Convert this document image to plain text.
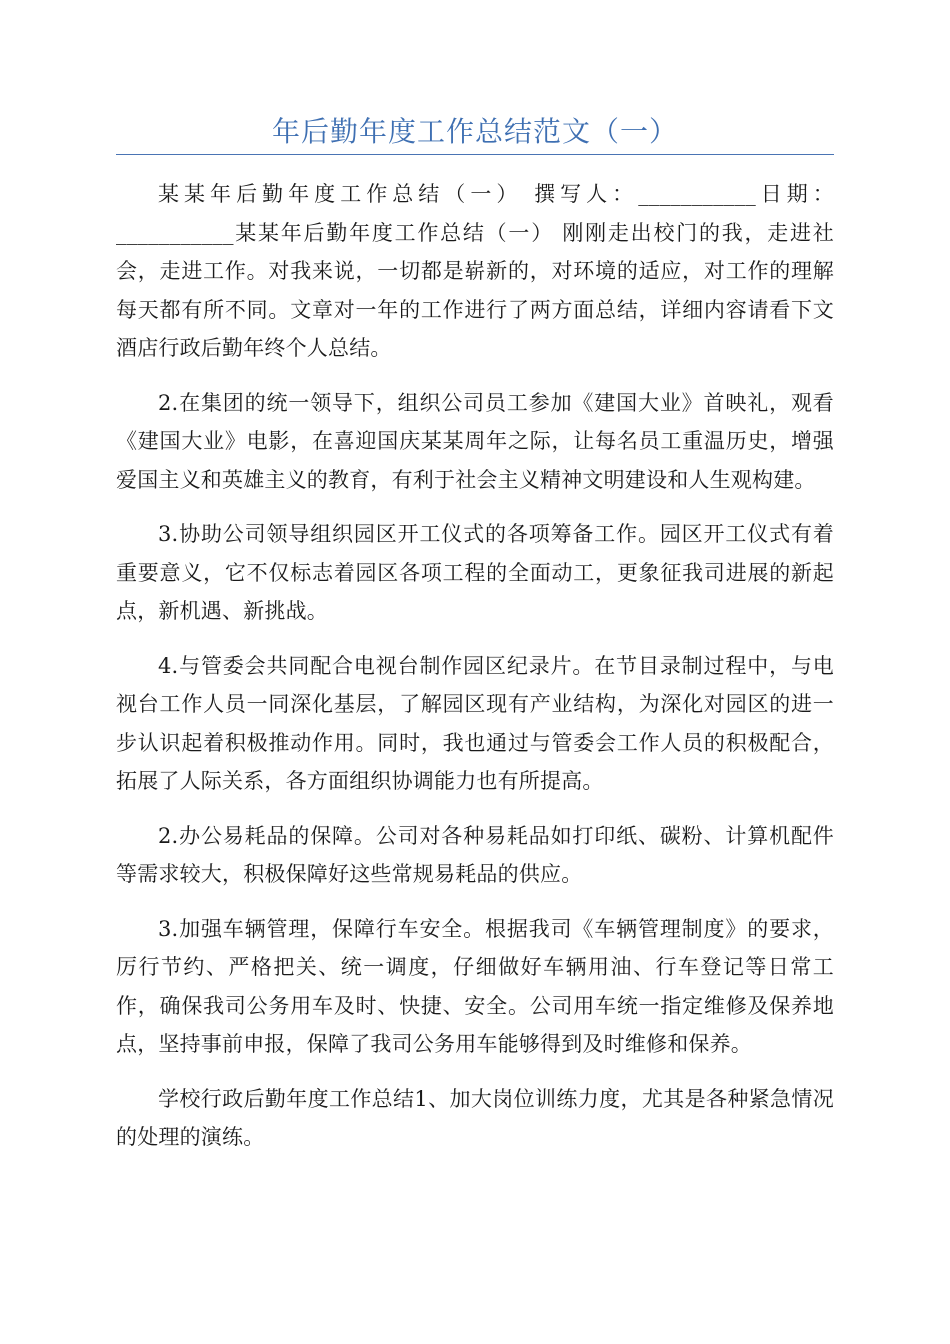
年后勤年度工作总结范文（一）

某某年后勤年度工作总结（一） 撰写人：___________日期：___________某某年后勤年度工作总结（一） 刚刚走出校门的我，走进社会，走进工作。对我来说，一切都是崭新的，对环境的适应，对工作的理解每天都有所不同。文章对一年的工作进行了两方面总结，详细内容请看下文酒店行政后勤年终个人总结。

2.在集团的统一领导下，组织公司员工参加《建国大业》首映礼，观看《建国大业》电影，在喜迎国庆某某周年之际，让每名员工重温历史，增强爱国主义和英雄主义的教育，有利于社会主义精神文明建设和人生观构建。

3.协助公司领导组织园区开工仪式的各项筹备工作。园区开工仪式有着重要意义，它不仅标志着园区各项工程的全面动工，更象征我司进展的新起点，新机遇、新挑战。

4.与管委会共同配合电视台制作园区纪录片。在节目录制过程中，与电视台工作人员一同深化基层，了解园区现有产业结构，为深化对园区的进一步认识起着积极推动作用。同时，我也通过与管委会工作人员的积极配合，拓展了人际关系，各方面组织协调能力也有所提高。

2.办公易耗品的保障。公司对各种易耗品如打印纸、碳粉、计算机配件等需求较大，积极保障好这些常规易耗品的供应。

3.加强车辆管理，保障行车安全。根据我司《车辆管理制度》的要求，厉行节约、严格把关、统一调度，仔细做好车辆用油、行车登记等日常工作，确保我司公务用车及时、快捷、安全。公司用车统一指定维修及保养地点，坚持事前申报，保障了我司公务用车能够得到及时维修和保养。

学校行政后勤年度工作总结1、加大岗位训练力度，尤其是各种紧急情况的处理的演练。
